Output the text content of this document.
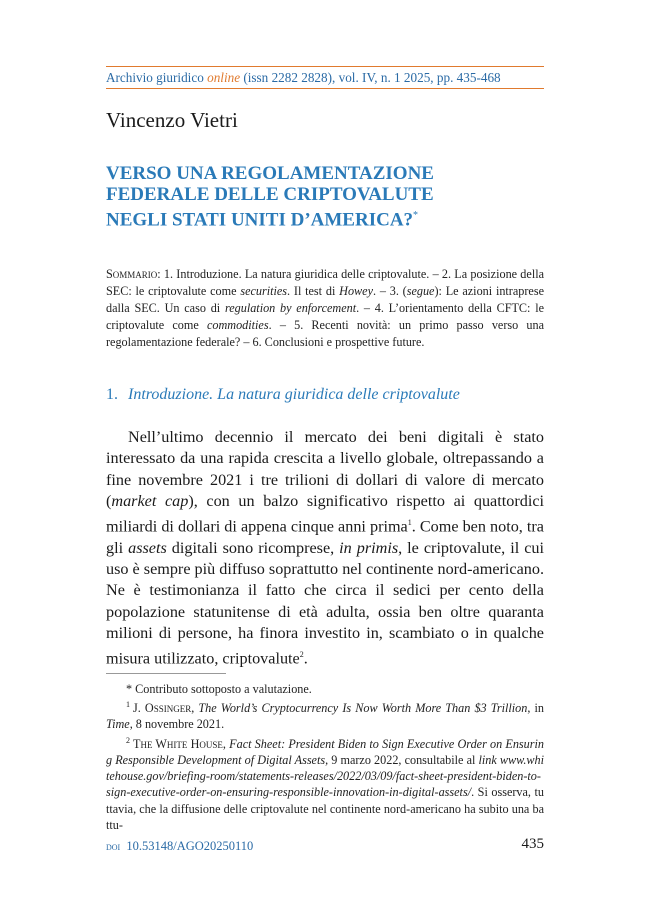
Archivio giuridico online (issn 2282 2828), vol. IV, n. 1 2025, pp. 435-468
Vincenzo Vietri
VERSO UNA REGOLAMENTAZIONE
FEDERALE DELLE CRIPTOVALUTE
NEGLI STATI UNITI D’AMERICA?*
Sommario: 1. Introduzione. La natura giuridica delle criptovalute. – 2. La posizione della SEC: le criptovalute come securities. Il test di Howey. – 3. (segue): Le azioni intraprese dalla SEC. Un caso di regulation by enforcement. – 4. L’orientamento della CFTC: le criptovalute come commodities. – 5. Recenti novità: un primo passo verso una regolamentazione federale? – 6. Conclusioni e prospettive future.
1. Introduzione. La natura giuridica delle criptovalute
Nell’ultimo decennio il mercato dei beni digitali è stato interessato da una rapida crescita a livello globale, oltrepassando a fine novembre 2021 i tre trilioni di dollari di valore di mercato (market cap), con un balzo significativo rispetto ai quattordici miliardi di dollari di appena cinque anni prima$^1$. Come ben noto, tra gli assets digitali sono ricompresе, in primis, le criptovalute, il cui uso è sempre più diffuso soprattutto nel continente nord-americano. Ne è testimonianza il fatto che circa il sedici per cento della popolazione statunitense di età adulta, ossia ben oltre quaranta milioni di persone, ha finora investito in, scambiato o in qualche misura utilizzato, criptovalute$^2$.

* Contributo sottoposto a valutazione.

$^1$ J. Ossinger, The World’s Cryptocurrency Is Now Worth More Than $3 Trillion, in Time, 8 novembre 2021.

$^2$ The White House, Fact Sheet: President Biden to Sign Executive Order on Ensuring Responsible Development of Digital Assets, 9 marzo 2022, consultabile al link www.whitehouse.gov/briefing-room/statements-releases/2022/03/09/fact-sheet-president-biden-to-sign-executive-order-on-ensuring-responsible-innovation-in-digital-assets/. Si osserva, tuttavia, che la diffusione delle criptovalute nel continente nord-americano ha subito una battu-

doi 10.53148/AGO20250110	435
